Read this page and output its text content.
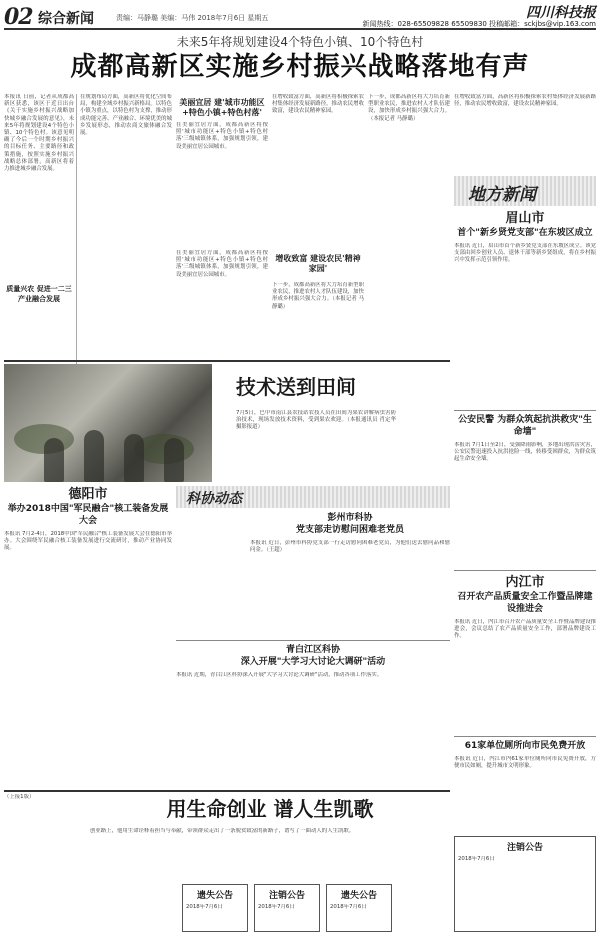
02 综合新闻	责编：马静璐 美编：马伟 2018年7月6日 星期五	四川科技报
新闻热线：028-65509828 65509830 投稿邮箱：sckjbs@vip.163.com
未来5年将规划建设4个特色小镇、10个特色村
成都高新区实施乡村振兴战略落地有声
本报讯 日前，记者从成都高新区获悉，该区于近日出台《关于实施乡村振兴战略加快城乡融合发展的意见》，未来5年将规划建设4个特色小镇、10个特色村。该意见明确了今后一个时期乡村振兴的目标任务、主要路径和政策措施，按照实施乡村振兴战略总体部署，高新区将着力推进城乡融合发展。
在规划布局方面，高新区将优化空间布局，构建全域乡村振兴新格局。以特色小镇为重点，以特色村为支撑，推动形成功能完善、产业融合、环境优美的城乡发展形态，推动农商文旅体融合发展。
美丽宜居 建'城市功能区+特色小镇+特色村落'
在美丽宜居方面，成都高新区将按照'城市功能区+特色小镇+特色村落'三级城镇体系，加强规划引领，建设美丽宜居公园城市。
在增收致富方面，高新区将积极探索农村集体经济发展新路径，推动农民增收致富，建设农民精神家园。
下一步，成都高新区将大力培育新型职业农民，推进农村人才队伍建设，加快形成乡村振兴强大合力。（本报记者 马静璐）
在增收致富方面，高新区将积极探索农村集体经济发展新路径，推动农民增收致富，建设农民精神家园。
质量兴农 促进一二三产业融合发展
增收致富 建设农民'精神家园'
在美丽宜居方面，成都高新区将按照'城市功能区+特色小镇+特色村落'三级城镇体系，加强规划引领，建设美丽宜居公园城市。
下一步，成都高新区将大力培育新型职业农民，推进农村人才队伍建设，加快形成乡村振兴强大合力。（本报记者 马静璐）
技术送到田间
7月5日，巴中市南江县农技站农技人员在田间为果农讲解病虫害防治技术，现场发放技术资料，受到果农欢迎。（本报通讯员 肖定华 摄影报道）
地方新闻
眉山市
首个"新乡贤党支部"在东坡区成立
本报讯 近日，眉山市首个新乡贤党支部在东坡区成立。该党支部由回乡创业人员、退休干部等新乡贤组成，将在乡村振兴中发挥示范引领作用。
公安民警 为群众筑起抗洪救灾"生命墙"
本报讯 7月1日至2日，受强降雨影响，多地出现洪涝灾害，公安民警迅速投入抗洪抢险一线，转移受困群众，为群众筑起生命安全墙。
内江市
召开农产品质量安全工作暨品牌建设推进会
本报讯 近日，内江市召开农产品质量安全工作暨品牌建设推进会，会议总结了农产品质量安全工作，部署品牌建设工作。
61家单位厕所向市民免费开放
本报讯 近日，内江市内61家单位厕所向市民免费开放，方便市民如厕，提升城市文明形象。
科协动态
德阳市
举办2018中国"军民融合"核工装备发展大会
本报讯 7月2-4日，2018中国"军民融合"核工装备发展大会在德阳市举办。大会围绕军民融合核工装备发展进行交流研讨，推动产业协同发展。
彭州市科协
党支部走访慰问困难老党员
本报讯 近日，彭州市科协党支部一行走访慰问困难老党员，为他们送去慰问品和慰问金。（王超）
青白江区科协
深入开展"大学习大讨论大调研"活动
本报讯 近期，青白江区科协深入开展"大学习大讨论大调研"活动，推动各项工作落实。
（上接1版）	用生命创业 谱人生凯歌
创业路上，他用生命诠释着担当与奉献，带领群众走出了一条脱贫致富的新路子，谱写了一曲动人的人生凯歌。
遗失公告
2018年7月6日
注销公告
2018年7月6日
遗失公告
2018年7月6日
注销公告
2018年7月6日
